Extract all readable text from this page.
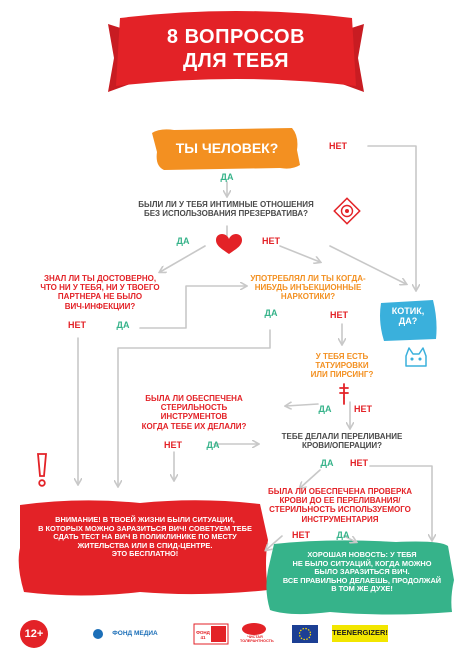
8 ВОПРОСОВ
ДЛЯ ТЕБЯ
ТЫ ЧЕЛОВЕК?	НЕТ
ДА
БЫЛИ ЛИ У ТЕБЯ ИНТИМНЫЕ ОТНОШЕНИЯ
БЕЗ ИСПОЛЬЗОВАНИЯ ПРЕЗЕРВАТИВА?
ДА	НЕТ
ЗНАЛ ЛИ ТЫ ДОСТОВЕРНО,
ЧТО НИ У ТЕБЯ, НИ У ТВОЕГО
ПАРТНЕРА НЕ БЫЛО
ВИЧ-ИНФЕКЦИИ?
НЕТ	ДА
УПОТРЕБЛЯЛ ЛИ ТЫ КОГДА-
НИБУДЬ ИНЪЕКЦИОННЫЕ
НАРКОТИКИ?
ДА	НЕТ	КОТИК,
ДА?
У ТЕБЯ ЕСТЬ
ТАТУИРОВКИ
ИЛИ ПИРСИНГ?
ДА	НЕТ
БЫЛА ЛИ ОБЕСПЕЧЕНА
СТЕРИЛЬНОСТЬ
ИНСТРУМЕНТОВ
КОГДА ТЕБЕ ИХ ДЕЛАЛИ?
НЕТ	ДА
ТЕБЕ ДЕЛАЛИ ПЕРЕЛИВАНИЕ
КРОВИ/ОПЕРАЦИИ?
ДА	НЕТ
БЫЛА ЛИ ОБЕСПЕЧЕНА ПРОВЕРКА
КРОВИ ДО ЕЕ ПЕРЕЛИВАНИЯ/
СТЕРИЛЬНОСТЬ ИСПОЛЬЗУЕМОГО
ИНСТРУМЕНТАРИЯ
НЕТ	ДА
ВНИМАНИЕ! В ТВОЕЙ ЖИЗНИ БЫЛИ СИТУАЦИИ,
В КОТОРЫХ МОЖНО ЗАРАЗИТЬСЯ ВИЧ! СОВЕТУЕМ ТЕБЕ
СДАТЬ ТЕСТ НА ВИЧ В ПОЛИКЛИНИКЕ ПО МЕСТУ
ЖИТЕЛЬСТВА ИЛИ В СПИД-ЦЕНТРЕ.
ЭТО БЕСПЛАТНО!	ХОРОШАЯ НОВОСТЬ: У ТЕБЯ
НЕ БЫЛО СИТУАЦИЙ, КОГДА МОЖНО
БЫЛО ЗАРАЗИТЬСЯ ВИЧ.
ВСЕ ПРАВИЛЬНО ДЕЛАЕШЬ, ПРОДОЛЖАЙ
В ТОМ ЖЕ ДУХЕ!
12+	ФОНД МЕДИА	ФОНД 41	ЧИСТАЯ ТОЛЕРАНТНОСТЬ
TEENERGIZER!
